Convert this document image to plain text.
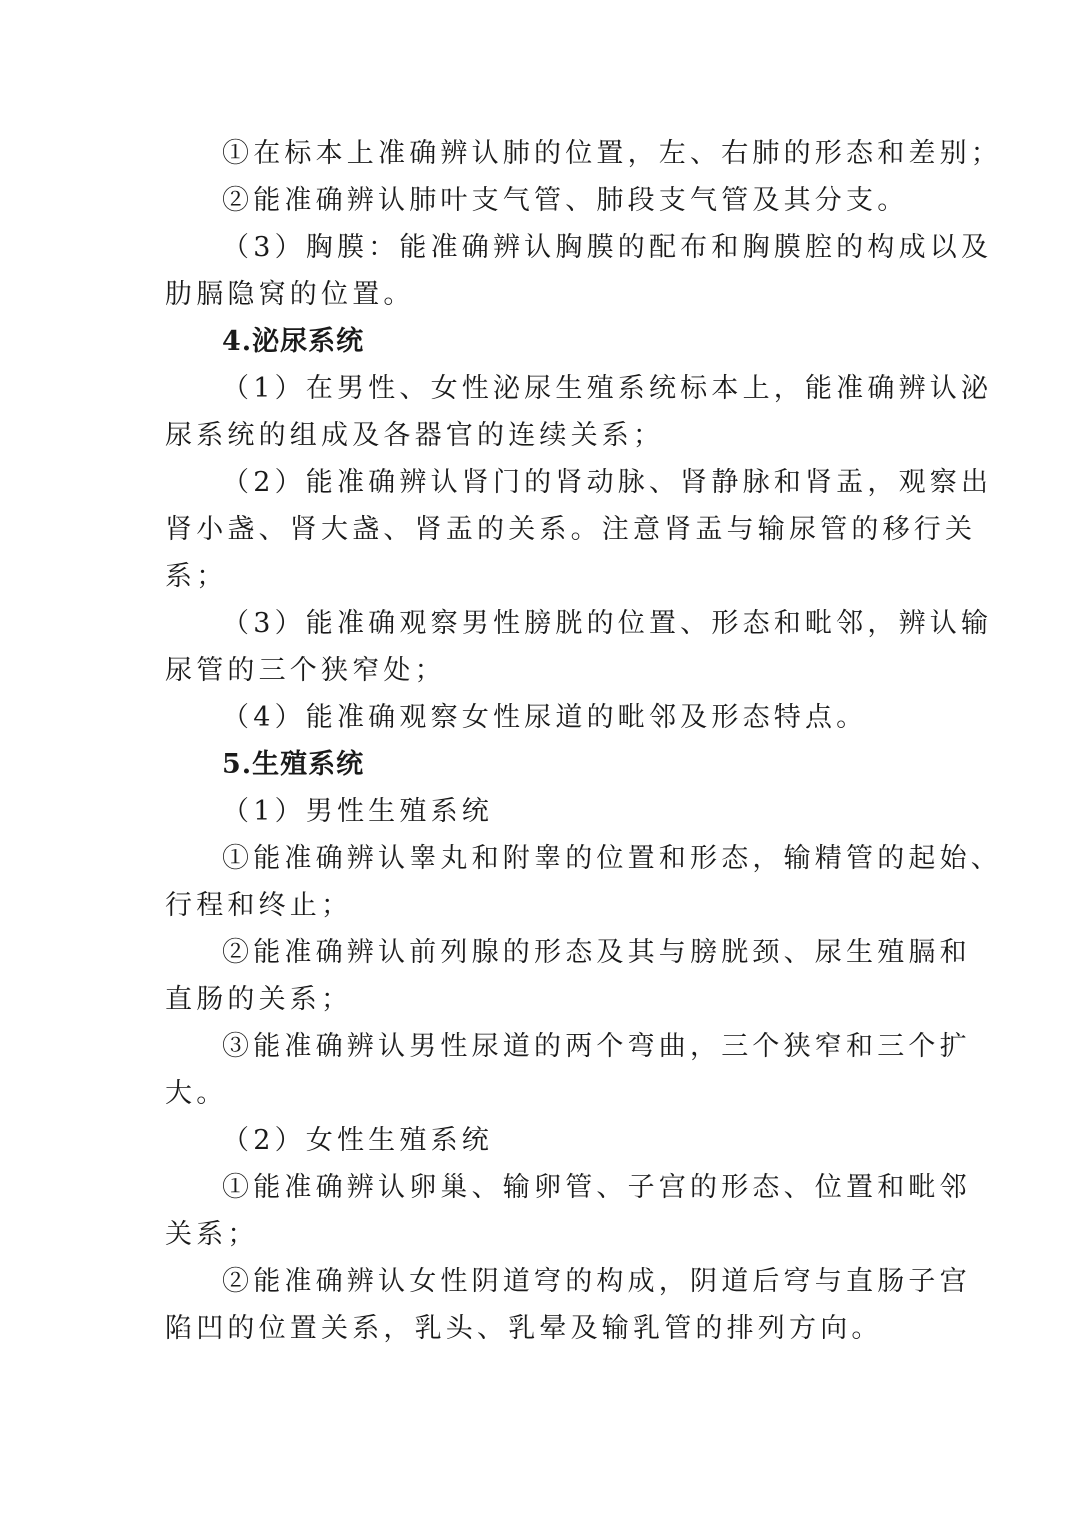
①在标本上准确辨认肺的位置，左、右肺的形态和差别；
②能准确辨认肺叶支气管、肺段支气管及其分支。
（3）胸膜：能准确辨认胸膜的配布和胸膜腔的构成以及
肋膈隐窝的位置。
4.泌尿系统
（1）在男性、女性泌尿生殖系统标本上，能准确辨认泌
尿系统的组成及各器官的连续关系；
（2）能准确辨认肾门的肾动脉、肾静脉和肾盂，观察出
肾小盏、肾大盏、肾盂的关系。注意肾盂与输尿管的移行关
系；
（3）能准确观察男性膀胱的位置、形态和毗邻，辨认输
尿管的三个狭窄处；
（4）能准确观察女性尿道的毗邻及形态特点。
5.生殖系统
（1）男性生殖系统
①能准确辨认睾丸和附睾的位置和形态，输精管的起始、
行程和终止；
②能准确辨认前列腺的形态及其与膀胱颈、尿生殖膈和
直肠的关系；
③能准确辨认男性尿道的两个弯曲，三个狭窄和三个扩
大。
（2）女性生殖系统
①能准确辨认卵巢、输卵管、子宫的形态、位置和毗邻
关系；
②能准确辨认女性阴道穹的构成，阴道后穹与直肠子宫
陷凹的位置关系，乳头、乳晕及输乳管的排列方向。
